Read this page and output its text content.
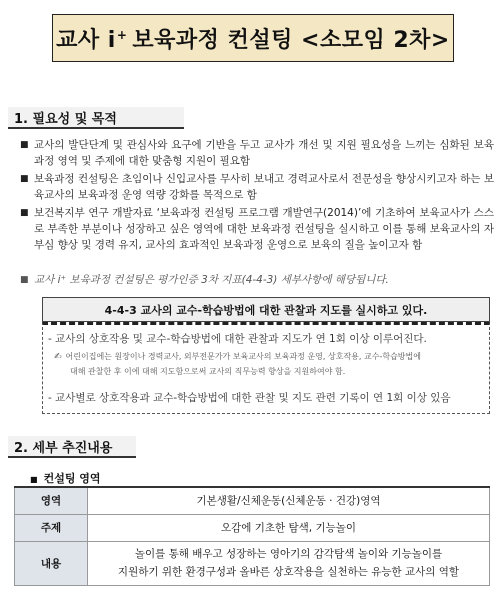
교사 i+ 보육과정 컨설팅 <소모임 2차>
1. 필요성 및 목적
■ 교사의 발단단계 및 관심사와 요구에 기반을 두고 교사가 개선 및 지원 필요성을 느끼는 심화된 보육과정 영역 및 주제에 대한 맞춤형 지원이 필요함
■ 보육과정 컨설팅은 초임이나 신입교사를 무사히 보내고 경력교사로서 전문성을 향상시키고자 하는 보육교사의 보육과정 운영 역량 강화를 목적으로 함
■ 보건복지부 연구 개발자료 ‘보육과정 컨설팅 프로그램 개발연구(2014)’에 기초하여 보육교사가 스스로 부족한 부분이나 성장하고 싶은 영역에 대한 보육과정 컨설팅을 실시하고 이를 통해 보육교사의 자부심 향상 및 경력 유지, 교사의 효과적인 보육과정 운영으로 보육의 질을 높이고자 함
■ 교사 i⁺ 보육과정 컨설팅은 평가인증 3차 지표(4-4-3) 세부사항에 해당됩니다.
4-4-3 교사의 교수-학습방법에 대한 관찰과 지도를 실시하고 있다.
- 교사의 상호작용 및 교수-학습방법에 대한 관찰과 지도가 연 1회 이상 이루어진다.
✍ 어린이집에는 원장이나 경력교사, 외부전문가가 보육교사의 보육과정 운영, 상호작용, 교수-학습방법에
대해 관찰한 후 이에 대해 지도함으로써 교사의 직무능력 향상을 지원하여야 함.
- 교사별로 상호작용과 교수-학습방법에 대한 관찰 및 지도 관련 기록이 연 1회 이상 있음
2. 세부 추진내용
■ 컨설팅 영역
영역	기본생활/신체운동(신체운동 · 건강)영역
주제	오감에 기초한 탐색, 기능놀이
내용	놀이를 통해 배우고 성장하는 영아기의 감각탐색 놀이와 기능놀이를
지원하기 위한 환경구성과 올바른 상호작용을 실천하는 유능한 교사의 역할
